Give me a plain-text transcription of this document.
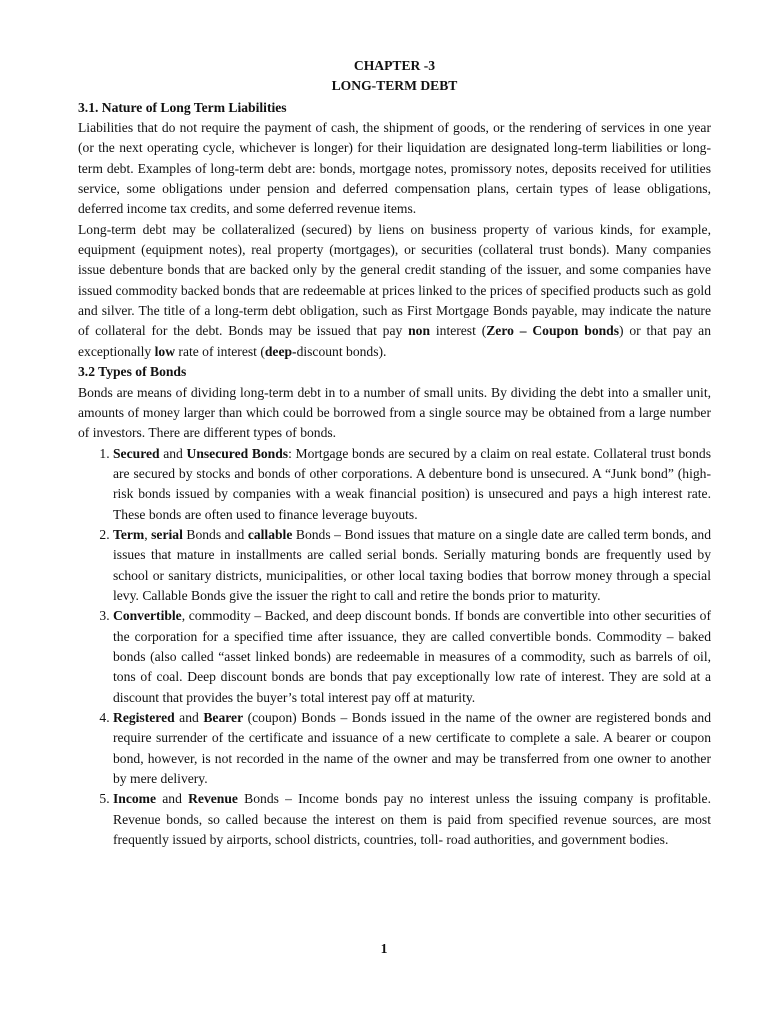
CHAPTER -3
LONG-TERM DEBT
3.1. Nature of Long Term Liabilities

Liabilities that do not require the payment of cash, the shipment of goods, or the rendering of services in one year (or the next operating cycle, whichever is longer) for their liquidation are designated long-term liabilities or long-term debt. Examples of long-term debt are: bonds, mortgage notes, promissory notes, deposits received for utilities service, some obligations under pension and deferred compensation plans, certain types of lease obligations, deferred income tax credits, and some deferred revenue items.

Long-term debt may be collateralized (secured) by liens on business property of various kinds, for example, equipment (equipment notes), real property (mortgages), or securities (collateral trust bonds). Many companies issue debenture bonds that are backed only by the general credit standing of the issuer, and some companies have issued commodity backed bonds that are redeemable at prices linked to the prices of specified products such as gold and silver. The title of a long-term debt obligation, such as First Mortgage Bonds payable, may indicate the nature of collateral for the debt. Bonds may be issued that pay non interest (Zero – Coupon bonds) or that pay an exceptionally low rate of interest (deep-discount bonds).

3.2 Types of Bonds

Bonds are means of dividing long-term debt in to a number of small units. By dividing the debt into a smaller unit, amounts of money larger than which could be borrowed from a single source may be obtained from a large number of investors. There are different types of bonds.

1. Secured and Unsecured Bonds: Mortgage bonds are secured by a claim on real estate. Collateral trust bonds are secured by stocks and bonds of other corporations. A debenture bond is unsecured. A “Junk bond” (high-risk bonds issued by companies with a weak financial position) is unsecured and pays a high interest rate. These bonds are often used to finance leverage buyouts.
2. Term, serial Bonds and callable Bonds – Bond issues that mature on a single date are called term bonds, and issues that mature in installments are called serial bonds. Serially maturing bonds are frequently used by school or sanitary districts, municipalities, or other local taxing bodies that borrow money through a special levy. Callable Bonds give the issuer the right to call and retire the bonds prior to maturity.
3. Convertible, commodity – Backed, and deep discount bonds. If bonds are convertible into other securities of the corporation for a specified time after issuance, they are called convertible bonds. Commodity – baked bonds (also called “asset linked bonds) are redeemable in measures of a commodity, such as barrels of oil, tons of coal. Deep discount bonds are bonds that pay exceptionally low rate of interest. They are sold at a discount that provides the buyer’s total interest pay off at maturity.
4. Registered and Bearer (coupon) Bonds – Bonds issued in the name of the owner are registered bonds and require surrender of the certificate and issuance of a new certificate to complete a sale. A bearer or coupon bond, however, is not recorded in the name of the owner and may be transferred from one owner to another by mere delivery.
5. Income and Revenue Bonds – Income bonds pay no interest unless the issuing company is profitable. Revenue bonds, so called because the interest on them is paid from specified revenue sources, are most frequently issued by airports, school districts, countries, toll- road authorities, and government bodies.
1
